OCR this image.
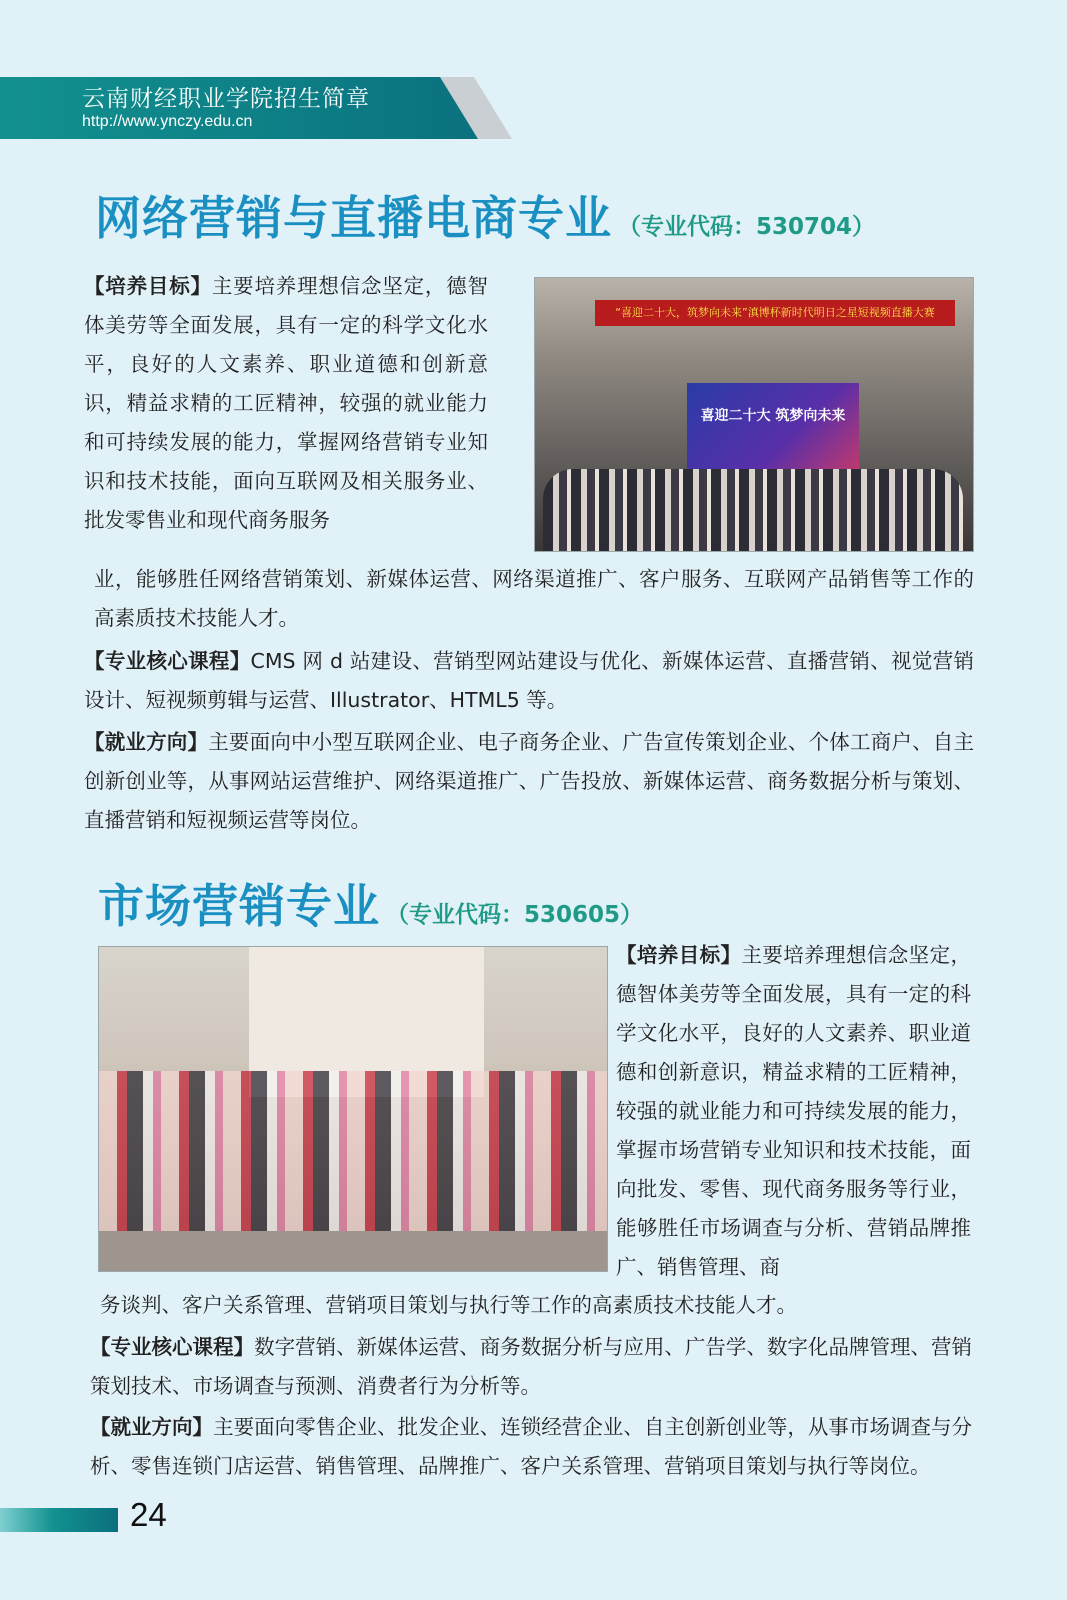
云南财经职业学院招生简章
http://www.ynczy.edu.cn
网络营销与直播电商专业 （专业代码：530704）
【培养目标】主要培养理想信念坚定，德智体美劳等全面发展，具有一定的科学文化水平，良好的人文素养、职业道德和创新意识，精益求精的工匠精神，较强的就业能力和可持续发展的能力，掌握网络营销专业知识和技术技能，面向互联网及相关服务业、批发零售业和现代商务服务
“喜迎二十大，筑梦向未来”滇博杯新时代明日之星短视频直播大赛
喜迎二十大 筑梦向未来
业，能够胜任网络营销策划、新媒体运营、网络渠道推广、客户服务、互联网产品销售等工作的高素质技术技能人才。
【专业核心课程】CMS 网 d 站建设、营销型网站建设与优化、新媒体运营、直播营销、视觉营销设计、短视频剪辑与运营、Illustrator、HTML5 等。
【就业方向】主要面向中小型互联网企业、电子商务企业、广告宣传策划企业、个体工商户、自主创新创业等，从事网站运营维护、网络渠道推广、广告投放、新媒体运营、商务数据分析与策划、直播营销和短视频运营等岗位。
市场营销专业 （专业代码：530605）
【培养目标】主要培养理想信念坚定，德智体美劳等全面发展，具有一定的科学文化水平，良好的人文素养、职业道德和创新意识，精益求精的工匠精神，较强的就业能力和可持续发展的能力，掌握市场营销专业知识和技术技能，面向批发、零售、现代商务服务等行业，能够胜任市场调查与分析、营销品牌推广、销售管理、商
务谈判、客户关系管理、营销项目策划与执行等工作的高素质技术技能人才。
【专业核心课程】数字营销、新媒体运营、商务数据分析与应用、广告学、数字化品牌管理、营销策划技术、市场调查与预测、消费者行为分析等。
【就业方向】主要面向零售企业、批发企业、连锁经营企业、自主创新创业等，从事市场调查与分析、零售连锁门店运营、销售管理、品牌推广、客户关系管理、营销项目策划与执行等岗位。
24
